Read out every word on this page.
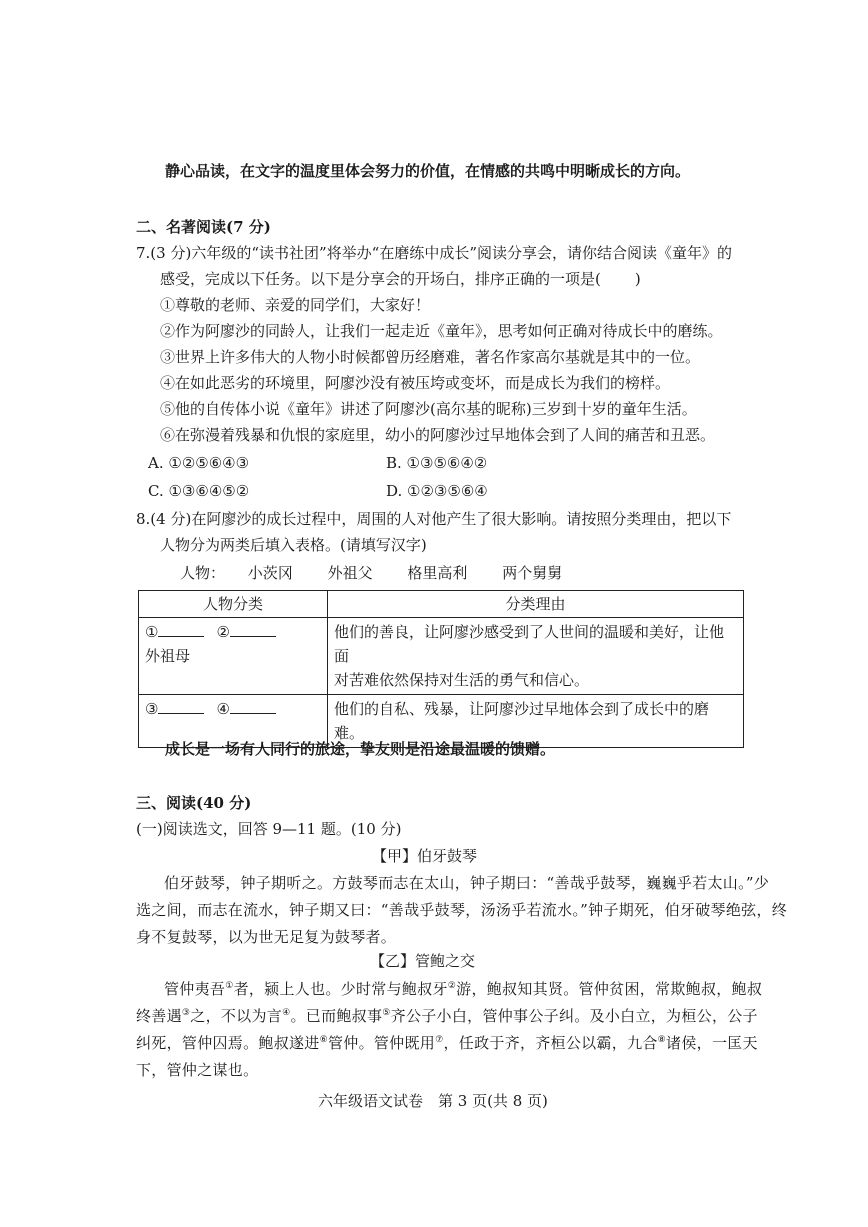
静心品读，在文字的温度里体会努力的价值，在情感的共鸣中明晰成长的方向。
二、名著阅读(7 分)
7.(3 分)六年级的“读书社团”将举办“在磨练中成长”阅读分享会，请你结合阅读《童年》的
感受，完成以下任务。以下是分享会的开场白，排序正确的一项是( )
①尊敬的老师、亲爱的同学们，大家好！
②作为阿廖沙的同龄人，让我们一起走近《童年》，思考如何正确对待成长中的磨练。
③世界上许多伟大的人物小时候都曾历经磨难，著名作家高尔基就是其中的一位。
④在如此恶劣的环境里，阿廖沙没有被压垮或变坏，而是成长为我们的榜样。
⑤他的自传体小说《童年》讲述了阿廖沙(高尔基的昵称)三岁到十岁的童年生活。
⑥在弥漫着残暴和仇恨的家庭里，幼小的阿廖沙过早地体会到了人间的痛苦和丑恶。
A. ①②⑤⑥④③	B. ①③⑤⑥④②
C. ①③⑥④⑤②	D. ①②③⑤⑥④
8.(4 分)在阿廖沙的成长过程中，周围的人对他产生了很大影响。请按照分类理由，把以下
人物分为两类后填入表格。(请填写汉字)
人物： 小茨冈 外祖父 格里高利 两个舅舅
人物分类	分类理由
① ②
外祖母	他们的善良，让阿廖沙感受到了人世间的温暖和美好，让他面
对苦难依然保持对生活的勇气和信心。
③ ④	他们的自私、残暴，让阿廖沙过早地体会到了成长中的磨难。
成长是一场有人同行的旅途，挚友则是沿途最温暖的馈赠。
三、阅读(40 分)
(一)阅读选文，回答 9—11 题。(10 分)
【甲】伯牙鼓琴
伯牙鼓琴，钟子期听之。方鼓琴而志在太山，钟子期曰：“善哉乎鼓琴，巍巍乎若太山。”少
选之间，而志在流水，钟子期又曰：“善哉乎鼓琴，汤汤乎若流水。”钟子期死，伯牙破琴绝弦，终
身不复鼓琴，以为世无足复为鼓琴者。
【乙】管鲍之交
管仲夷吾①者，颍上人也。少时常与鲍叔牙②游，鲍叔知其贤。管仲贫困，常欺鲍叔，鲍叔
终善遇③之，不以为言④。已而鲍叔事⑤齐公子小白，管仲事公子纠。及小白立，为桓公，公子
纠死，管仲囚焉。鲍叔遂进⑥管仲。管仲既用⑦，任政于齐，齐桓公以霸，九合⑧诸侯，一匡天
下，管仲之谋也。
六年级语文试卷　第 3 页(共 8 页)
